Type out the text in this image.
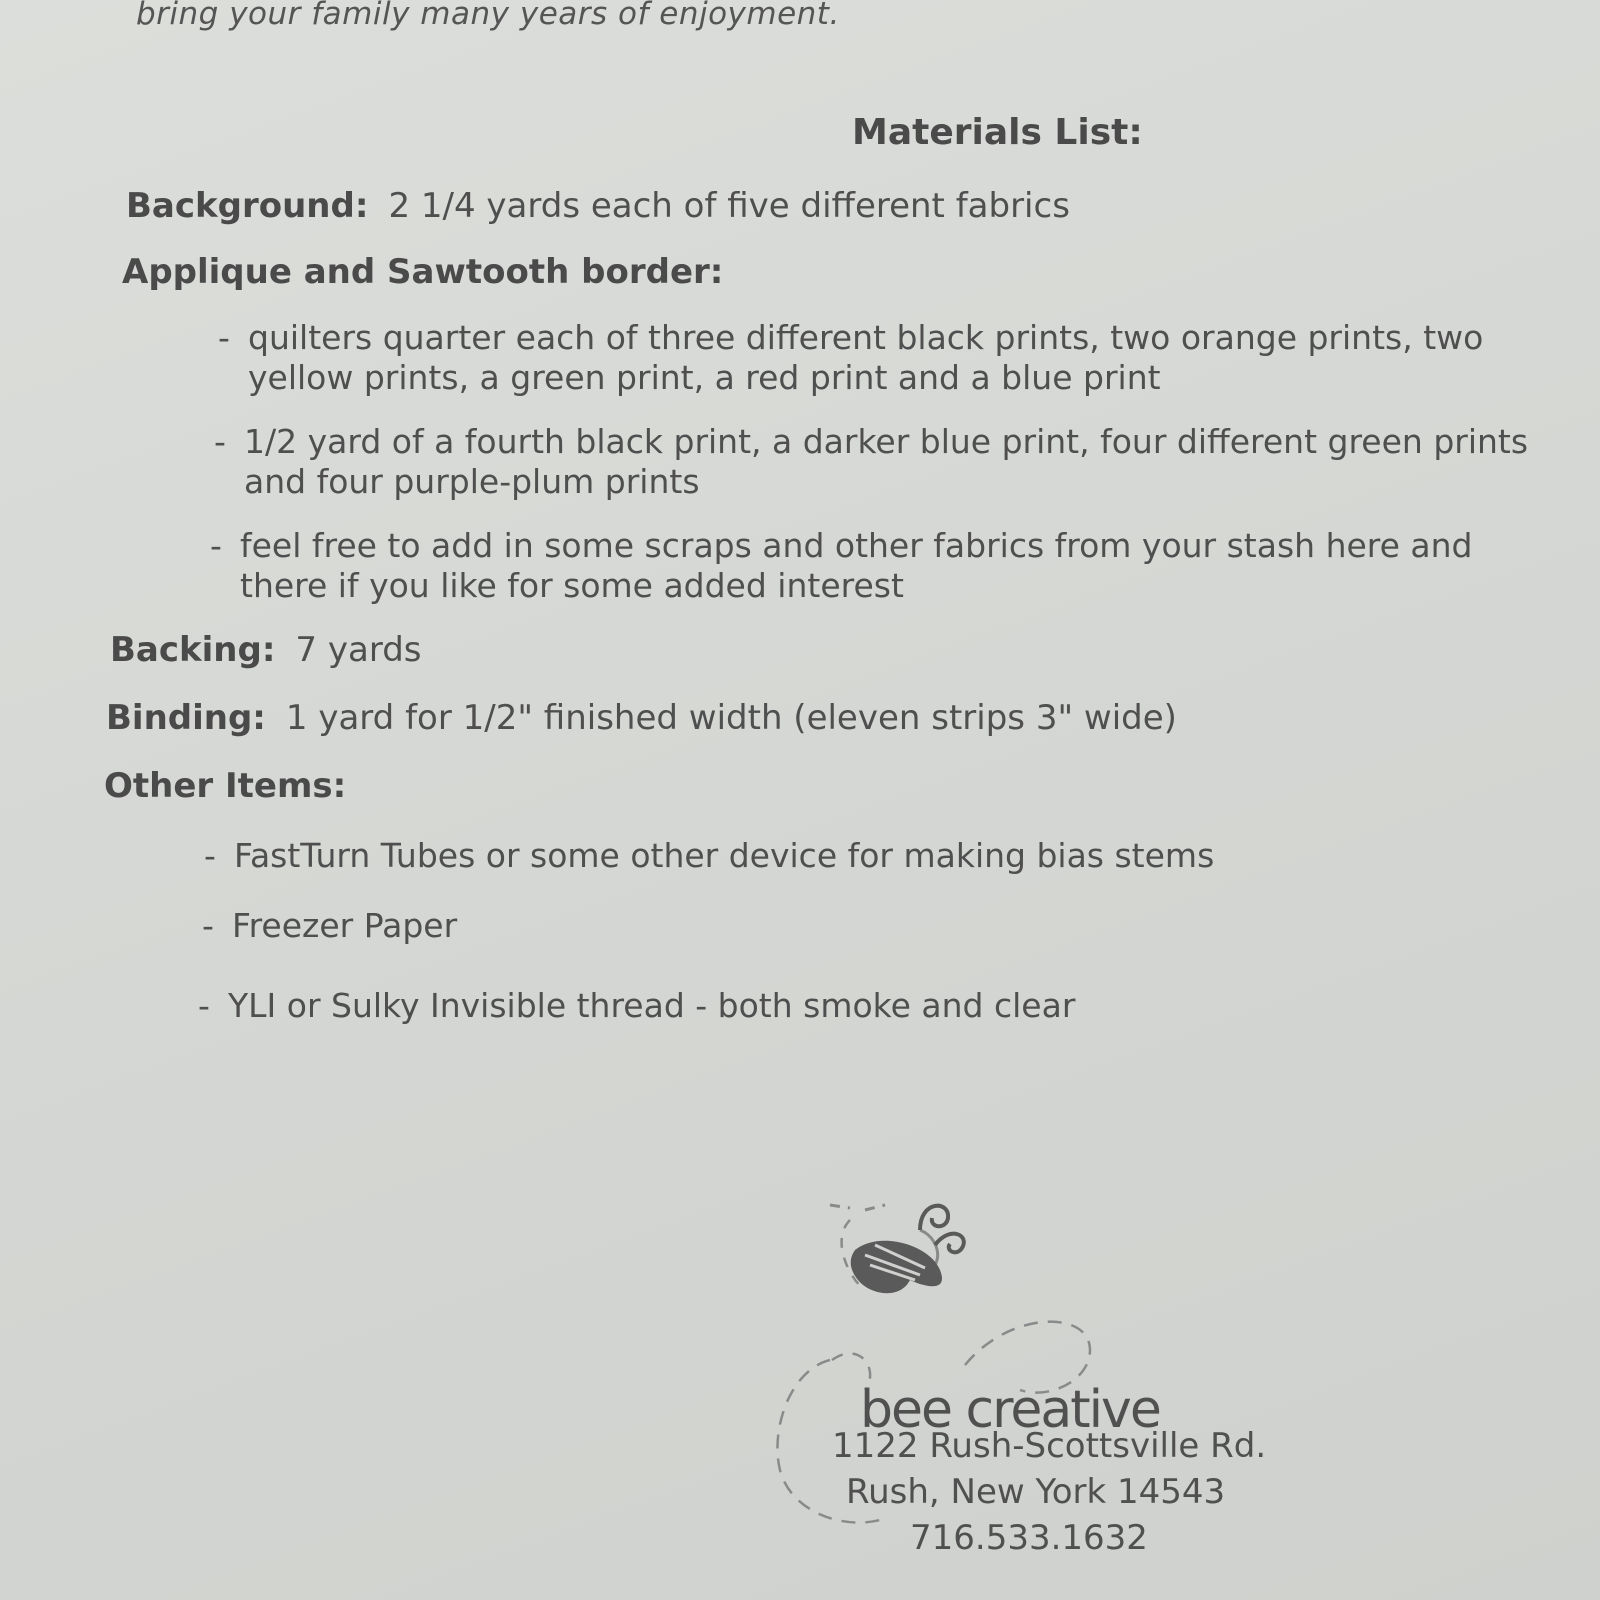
bring your family many years of enjoyment.
Materials List:
Background: 2 1/4 yards each of five different fabrics
Applique and Sawtooth border:
- quilters quarter each of three different black prints, two orange prints, two yellow prints, a green print, a red print and a blue print
- 1/2 yard of a fourth black print, a darker blue print, four different green prints and four purple-plum prints
- feel free to add in some scraps and other fabrics from your stash here and there if you like for some added interest
Backing: 7 yards
Binding: 1 yard for 1/2" finished width (eleven strips 3" wide)
Other Items:
- FastTurn Tubes or some other device for making bias stems
- Freezer Paper
- YLI or Sulky Invisible thread - both smoke and clear
bee creative
1122 Rush-Scottsville Rd.
Rush, New York 14543
716.533.1632
